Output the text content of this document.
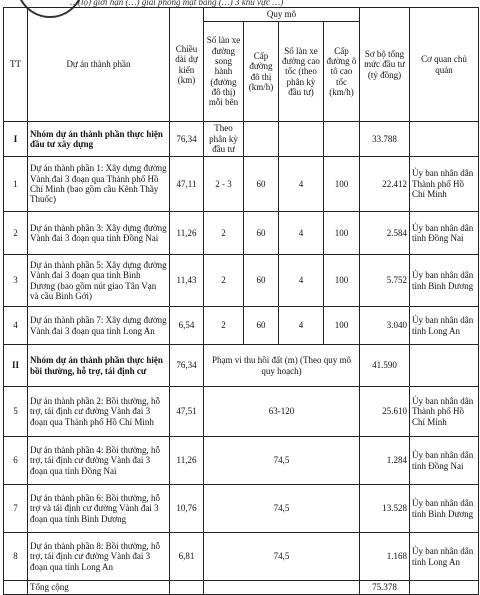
…(lộ) giới hạn (…) giải phóng mặt bằng (…) 3 khu vực …)
TT	Dự án thành phần	Chiều dài dự kiến (km)	Quy mô				Sơ bộ tổng mức đầu tư (tỷ đồng)	Cơ quan chủ quản
			Số làn xe đường song hành (đường đô thị) mỗi bên	Cấp đường đô thị (km/h)	Số làn xe đường cao tốc (theo phân kỳ đầu tư)	Cấp đường ô tô cao tốc (km/h)		
I	Nhóm dự án thành phần thực hiện đầu tư xây dựng	76,34	Theo phân kỳ đầu tư				33.788	
1	Dự án thành phần 1: Xây dựng đường Vành đai 3 đoạn qua Thành phố Hồ Chí Minh (bao gồm cầu Kênh Thầy Thuốc)	47,11	2 - 3	60	4	100	22.412	Ủy ban nhân dân Thành phố Hồ Chí Minh
2	Dự án thành phần 3: Xây dựng đường Vành đai 3 đoạn qua tỉnh Đồng Nai	11,26	2	60	4	100	2.584	Ủy ban nhân dân tỉnh Đồng Nai
3	Dự án thành phần 5: Xây dựng đường Vành đai 3 đoạn qua tỉnh Bình Dương (bao gồm nút giao Tân Vạn và cầu Bình Gởi)	11,43	2	60	4	100	5.752	Ủy ban nhân dân tỉnh Bình Dương
4	Dự án thành phần 7: Xây dựng đường Vành đai 3 đoạn qua tỉnh Long An	6,54	2	60	4	100	3.040	Ủy ban nhân dân tỉnh Long An
II	Nhóm dự án thành phần thực hiện bồi thường, hỗ trợ, tái định cư	76,34	Phạm vi thu hồi đất (m) (Theo quy mô quy hoạch)				41.590	
5	Dự án thành phần 2: Bồi thường, hỗ trợ, tái định cư đường Vành đai 3 đoạn qua Thành phố Hồ Chí Minh	47,51	63-120				25.610	Ủy ban nhân dân Thành phố Hồ Chí Minh
6	Dự án thành phần 4: Bồi thường, hỗ trợ, tái định cư đường Vành đai 3 đoạn qua tỉnh Đồng Nai	11,26	74,5				1.284	Ủy ban nhân dân tỉnh Đồng Nai
7	Dự án thành phần 6: Bồi thường, hỗ trợ và tái định cư đường Vành đai 3 đoạn qua tỉnh Bình Dương	10,76	74,5				13.528	Ủy ban nhân dân tỉnh Bình Dương
8	Dự án thành phần 8: Bồi thường, hỗ trợ, tái định cư đường Vành đai 3 đoạn qua tỉnh Long An	6,81	74,5				1.168	Ủy ban nhân dân tỉnh Long An
	Tổng cộng						75.378	
